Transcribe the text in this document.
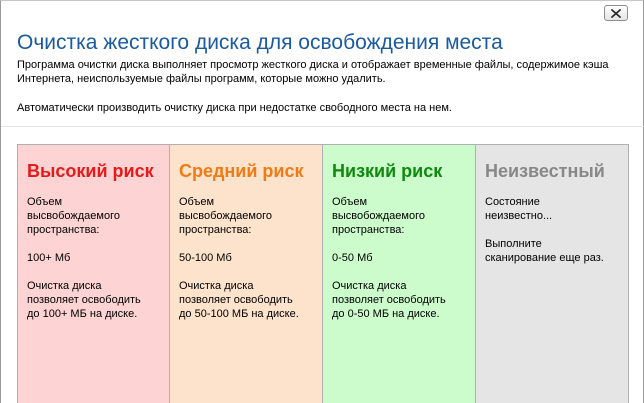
Очистка жесткого диска для освобождения места
Программа очистки диска выполняет просмотр жесткого диска и отображает временные файлы, содержимое кэша Интернета, неиспользуемые файлы программ, которые можно удалить.
Автоматически производить очистку диска при недостатке свободного места на нем.
Высокий риск
Объем
высвобождаемого
пространства:
100+ Мб
Очистка диска
позволяет освободить
до 100+ МБ на диске.
Средний риск
Объем
высвобождаемого
пространства:
50-100 Мб
Очистка диска
позволяет освободить
до 50-100 МБ на диске.
Низкий риск
Объем
высвобождаемого
пространства:
0-50 Мб
Очистка диска
позволяет освободить
до 0-50 МБ на диске.
Неизвестный
Состояние
неизвестно...
Выполните
сканирование еще раз.
